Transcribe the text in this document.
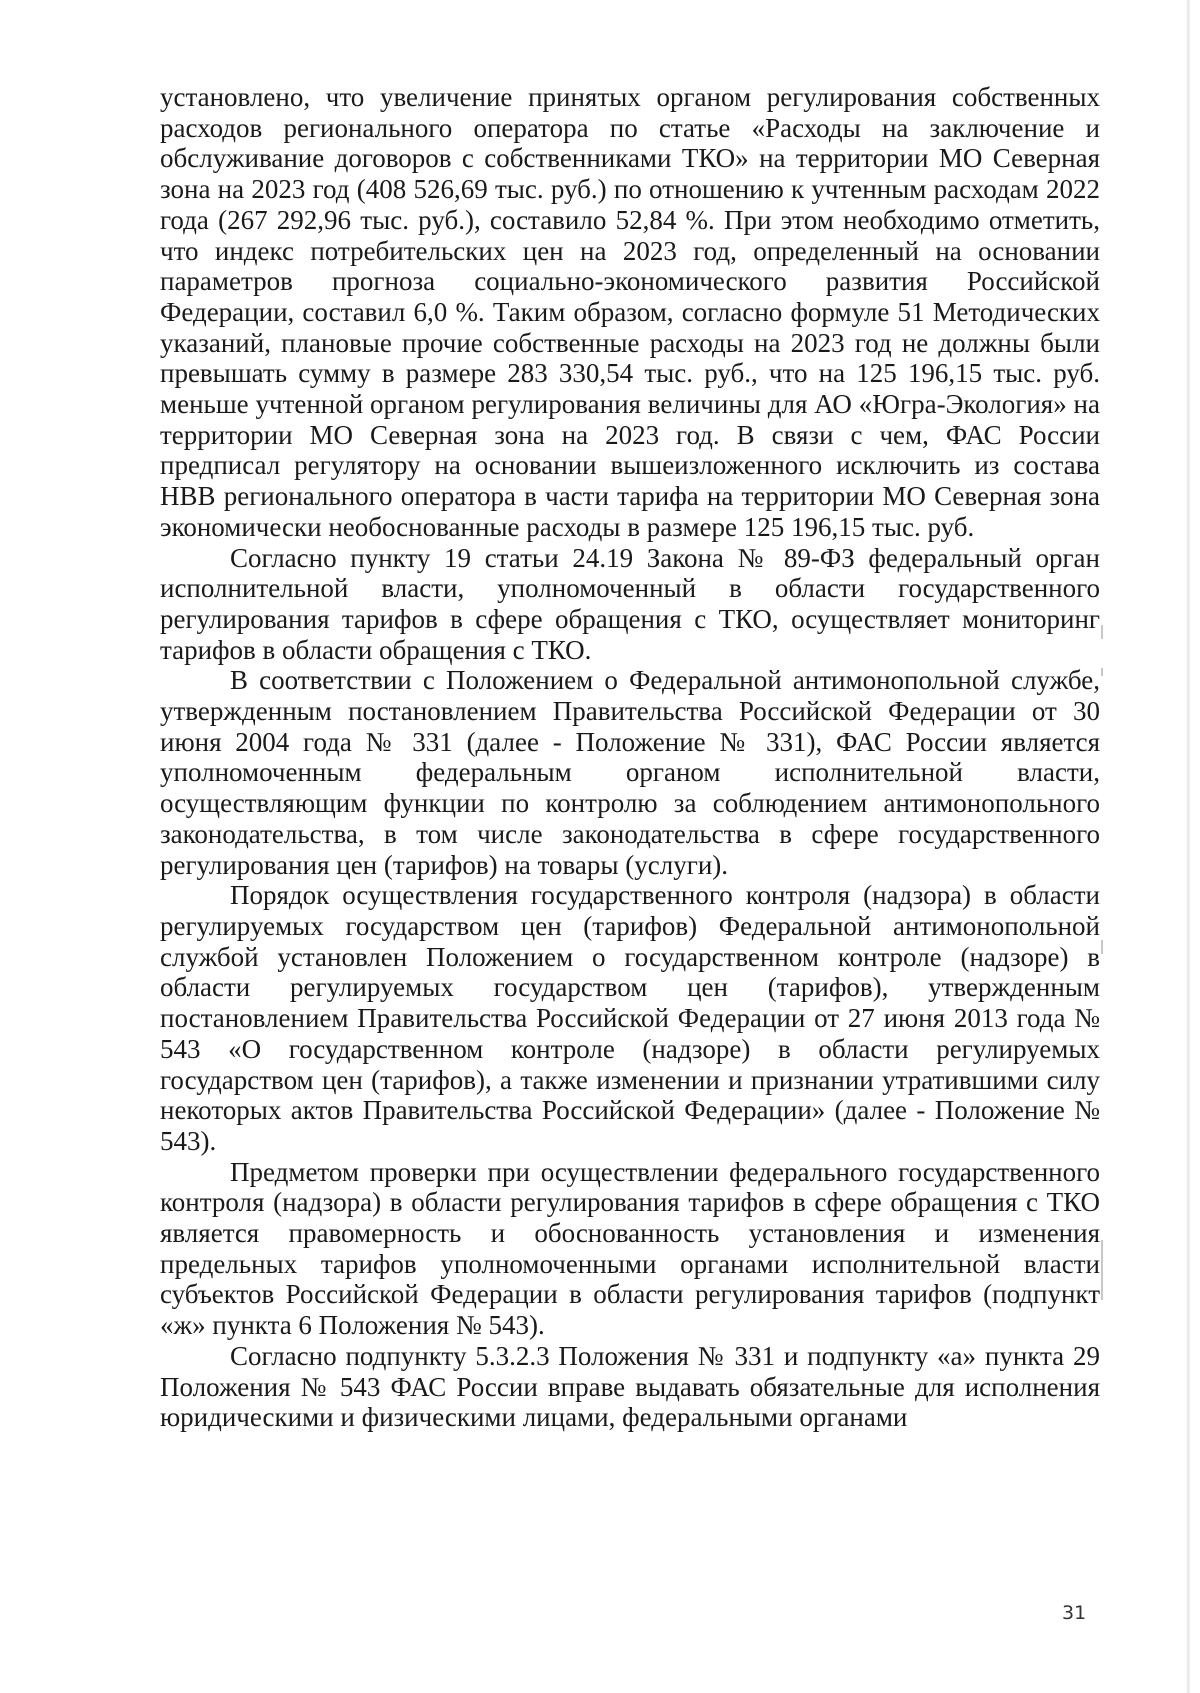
установлено, что увеличение принятых органом регулирования собственных расходов регионального оператора по статье «Расходы на заключение и обслуживание договоров с собственниками ТКО» на территории МО Северная зона на 2023 год (408 526,69 тыс. руб.) по отношению к учтенным расходам 2022 года (267 292,96 тыс. руб.), составило 52,84 %. При этом необходимо отметить, что индекс потребительских цен на 2023 год, определенный на основании параметров прогноза социально-экономического развития Российской Федерации, составил 6,0 %. Таким образом, согласно формуле 51 Методических указаний, плановые прочие собственные расходы на 2023 год не должны были превышать сумму в размере 283 330,54 тыс. руб., что на 125 196,15 тыс. руб. меньше учтенной органом регулирования величины для АО «Югра-Экология» на территории МО Северная зона на 2023 год. В связи с чем, ФАС России предписал регулятору на основании вышеизложенного исключить из состава НВВ регионального оператора в части тарифа на территории МО Северная зона экономически необоснованные расходы в размере 125 196,15 тыс. руб.

Согласно пункту 19 статьи 24.19 Закона № 89-ФЗ федеральный орган исполнительной власти, уполномоченный в области государственного регулирования тарифов в сфере обращения с ТКО, осуществляет мониторинг тарифов в области обращения с ТКО.

В соответствии с Положением о Федеральной антимонопольной службе, утвержденным постановлением Правительства Российской Федерации от 30 июня 2004 года № 331 (далее - Положение № 331), ФАС России является уполномоченным федеральным органом исполнительной власти, осуществляющим функции по контролю за соблюдением антимонопольного законодательства, в том числе законодательства в сфере государственного регулирования цен (тарифов) на товары (услуги).

Порядок осуществления государственного контроля (надзора) в области регулируемых государством цен (тарифов) Федеральной антимонопольной службой установлен Положением о государственном контроле (надзоре) в области регулируемых государством цен (тарифов), утвержденным постановлением Правительства Российской Федерации от 27 июня 2013 года № 543 «О государственном контроле (надзоре) в области регулируемых государством цен (тарифов), а также изменении и признании утратившими силу некоторых актов Правительства Российской Федерации» (далее - Положение № 543).

Предметом проверки при осуществлении федерального государственного контроля (надзора) в области регулирования тарифов в сфере обращения с ТКО является правомерность и обоснованность установления и изменения предельных тарифов уполномоченными органами исполнительной власти субъектов Российской Федерации в области регулирования тарифов (подпункт «ж» пункта 6 Положения № 543).

Согласно подпункту 5.3.2.3 Положения № 331 и подпункту «а» пункта 29 Положения № 543 ФАС России вправе выдавать обязательные для исполнения юридическими и физическими лицами, федеральными органами

31
